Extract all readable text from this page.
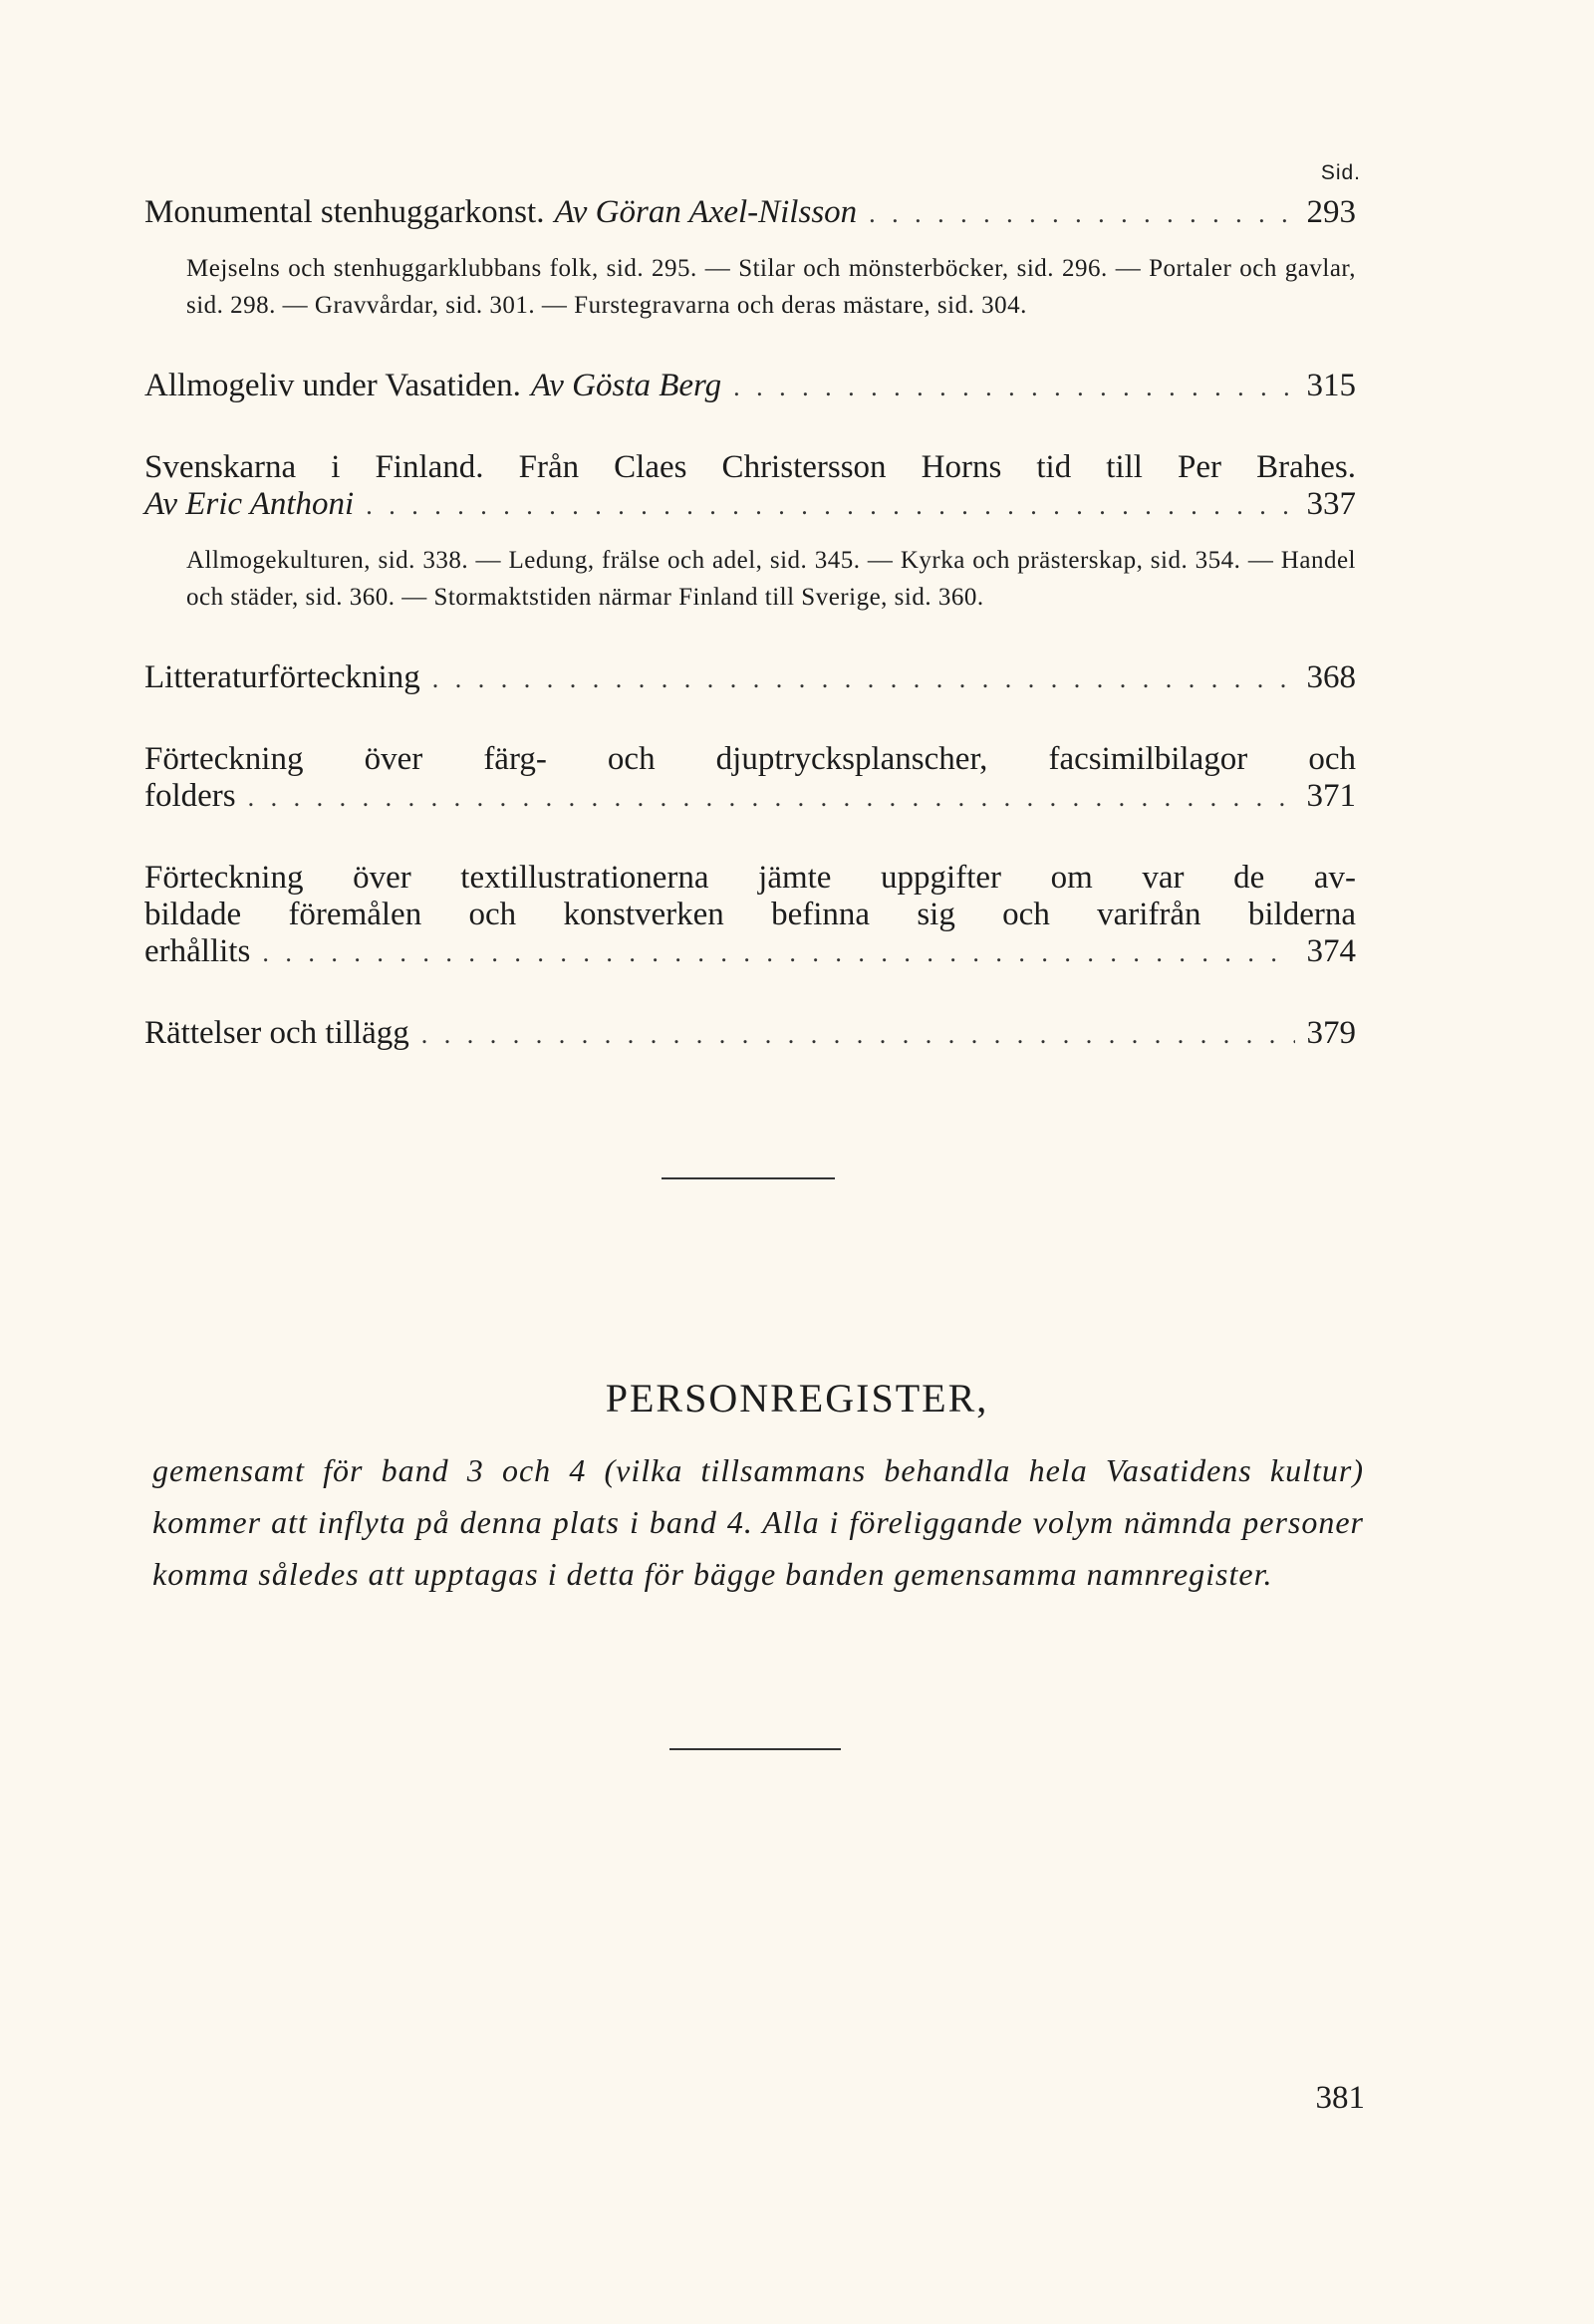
Sid.
Monumental stenhuggarkonst. Av Göran Axel-Nilsson . . .	293
Mejselns och stenhuggarklubbans folk, sid. 295. — Stilar och mönsterböcker, sid. 296. — Portaler och gavlar, sid. 298. — Gravvårdar, sid. 301. — Furstegravarna och deras mästare, sid. 304.
Allmogeliv under Vasatiden. Av Gösta Berg . . .	315
Svenskarna i Finland. Från Claes Christersson Horns tid till Per Brahes.
Av Eric Anthoni . . .	337
Allmogekulturen, sid. 338. — Ledung, frälse och adel, sid. 345. — Kyrka och prästerskap, sid. 354. — Handel och städer, sid. 360. — Stormaktstiden närmar Finland till Sverige, sid. 360.
Litteraturförteckning . . .	368
Förteckning över färg- och djuptrycksplanscher, facsimilbilagor och
folders . . .	371
Förteckning över textillustrationerna jämte uppgifter om var de av-
bildade föremålen och konstverken befinna sig och varifrån bilderna
erhållits . . .	374
Rättelser och tillägg . . .	379
PERSONREGISTER,
gemensamt för band 3 och 4 (vilka tillsammans behandla hela Vasatidens kultur) kommer att inflyta på denna plats i band 4. Alla i föreliggande volym nämnda personer komma således att upptagas i detta för bägge banden gemensamma namnregister.
381
